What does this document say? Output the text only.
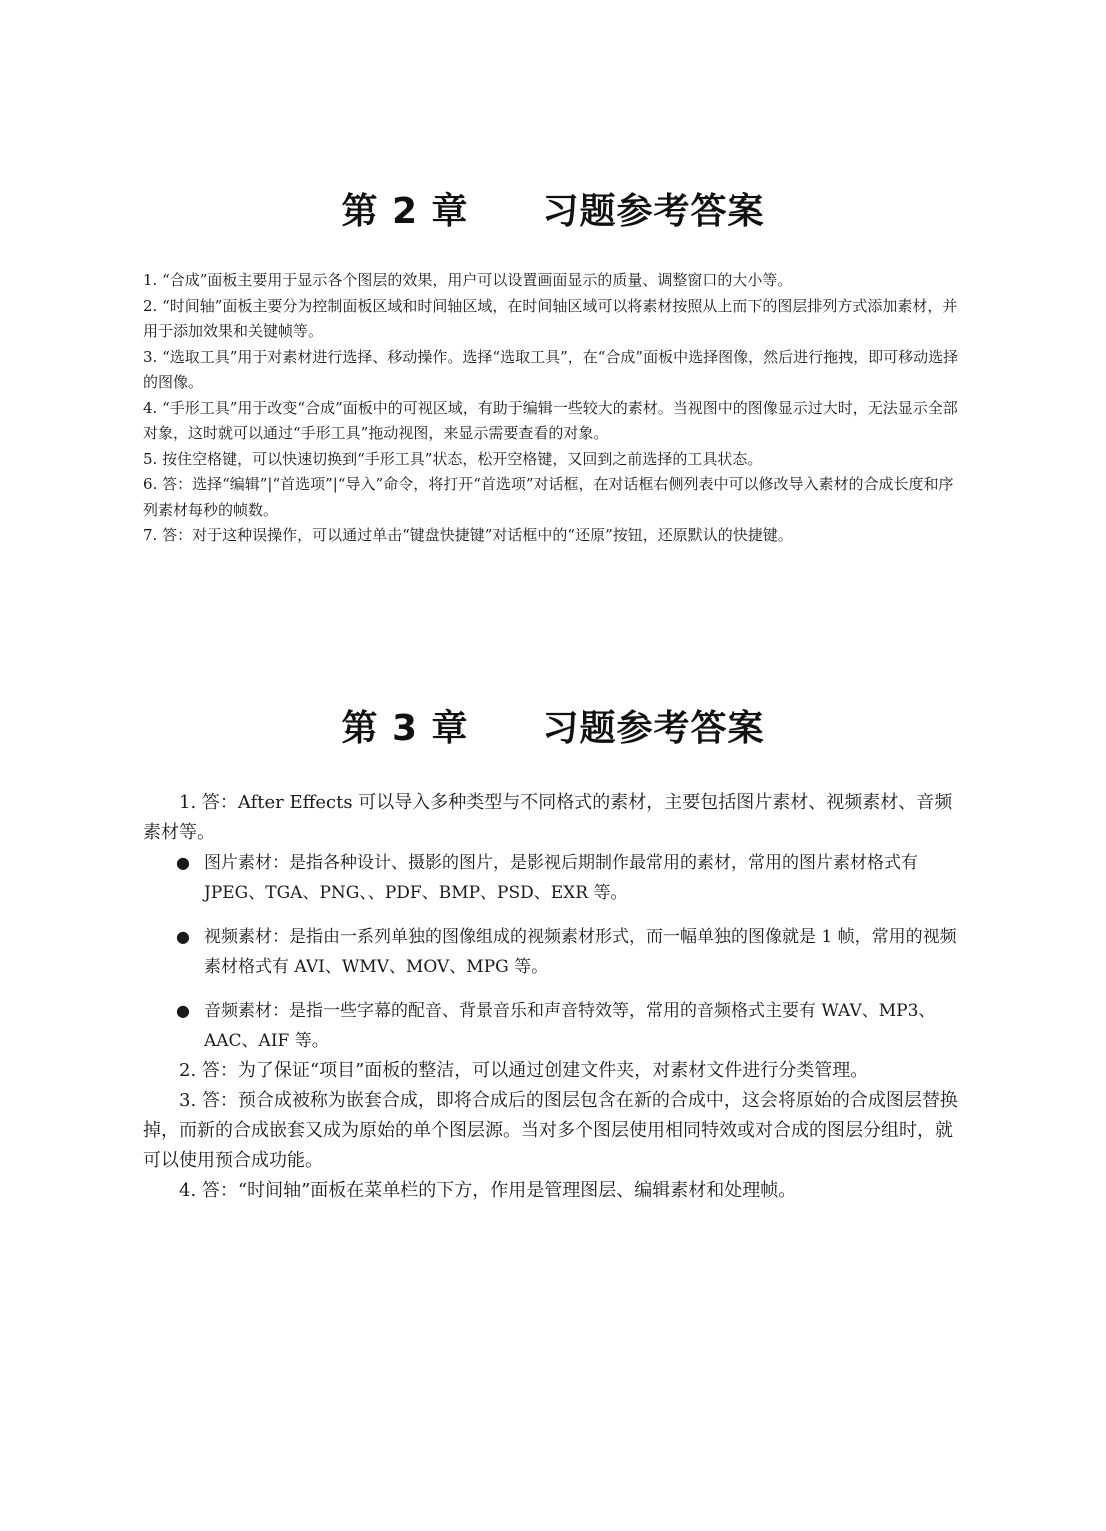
第 2 章　　习题参考答案

1. “合成”面板主要用于显示各个图层的效果，用户可以设置画面显示的质量、调整窗口的大小等。

2. “时间轴”面板主要分为控制面板区域和时间轴区域，在时间轴区域可以将素材按照从上而下的图层排列方式添加素材，并用于添加效果和关键帧等。

3. “选取工具”用于对素材进行选择、移动操作。选择“选取工具”，在“合成”面板中选择图像，然后进行拖拽，即可移动选择的图像。

4. “手形工具”用于改变“合成”面板中的可视区域，有助于编辑一些较大的素材。当视图中的图像显示过大时，无法显示全部对象，这时就可以通过“手形工具”拖动视图，来显示需要查看的对象。

5. 按住空格键，可以快速切换到“手形工具”状态，松开空格键，又回到之前选择的工具状态。

6. 答：选择“编辑”|“首选项”|“导入”命令，将打开“首选项”对话框，在对话框右侧列表中可以修改导入素材的合成长度和序列素材每秒的帧数。

7. 答：对于这种误操作，可以通过单击“键盘快捷键”对话框中的“还原”按钮，还原默认的快捷键。

第 3 章　　习题参考答案

1. 答：After Effects 可以导入多种类型与不同格式的素材，主要包括图片素材、视频素材、音频素材等。

● 图片素材：是指各种设计、摄影的图片，是影视后期制作最常用的素材，常用的图片素材格式有 JPEG、TGA、PNG、、PDF、BMP、PSD、EXR 等。
● 视频素材：是指由一系列单独的图像组成的视频素材形式，而一幅单独的图像就是 1 帧，常用的视频素材格式有 AVI、WMV、MOV、MPG 等。
● 音频素材：是指一些字幕的配音、背景音乐和声音特效等，常用的音频格式主要有 WAV、MP3、AAC、AIF 等。

2. 答：为了保证“项目”面板的整洁，可以通过创建文件夹，对素材文件进行分类管理。

3. 答：预合成被称为嵌套合成，即将合成后的图层包含在新的合成中，这会将原始的合成图层替换掉，而新的合成嵌套又成为原始的单个图层源。当对多个图层使用相同特效或对合成的图层分组时，就可以使用预合成功能。

4. 答：“时间轴”面板在菜单栏的下方，作用是管理图层、编辑素材和处理帧。
